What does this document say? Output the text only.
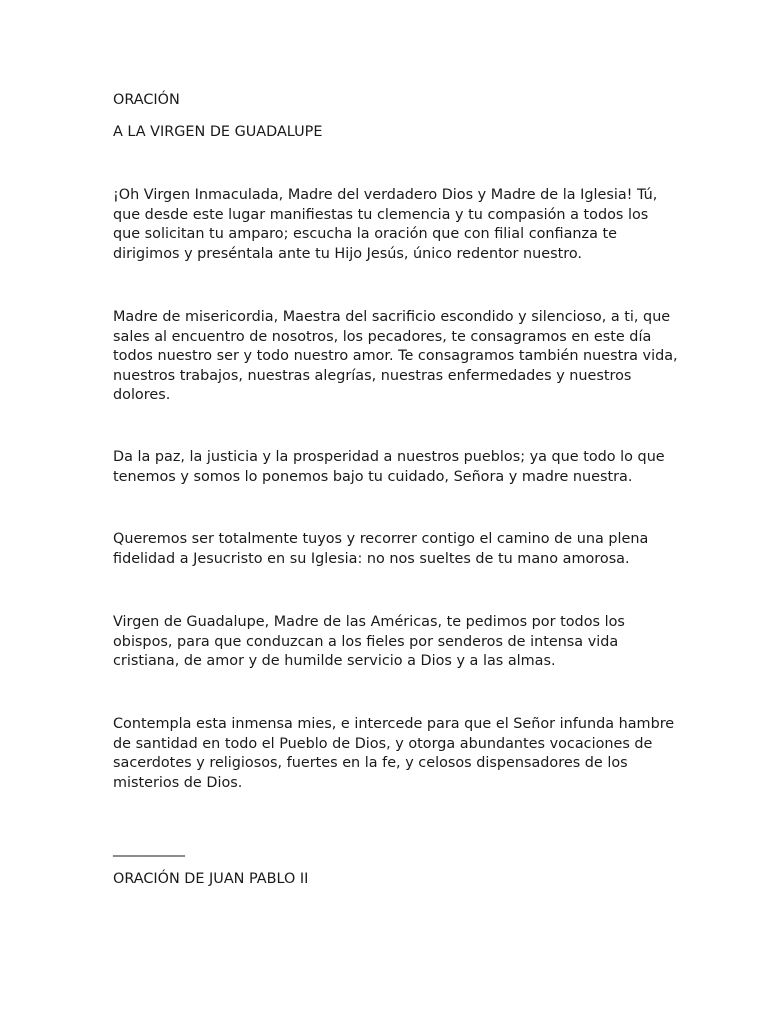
ORACIÓN

A LA VIRGEN DE GUADALUPE

¡Oh Virgen Inmaculada, Madre del verdadero Dios y Madre de la Iglesia! Tú,
que desde este lugar manifiestas tu clemencia y tu compasión a todos los
que solicitan tu amparo; escucha la oración que con filial confianza te
dirigimos y preséntala ante tu Hijo Jesús, único redentor nuestro.
Madre de misericordia, Maestra del sacrificio escondido y silencioso, a ti, que
sales al encuentro de nosotros, los pecadores, te consagramos en este día
todos nuestro ser y todo nuestro amor. Te consagramos también nuestra vida,
nuestros trabajos, nuestras alegrías, nuestras enfermedades y nuestros
dolores.
Da la paz, la justicia y la prosperidad a nuestros pueblos; ya que todo lo que
tenemos y somos lo ponemos bajo tu cuidado, Señora y madre nuestra.
Queremos ser totalmente tuyos y recorrer contigo el camino de una plena
fidelidad a Jesucristo en su Iglesia: no nos sueltes de tu mano amorosa.
Virgen de Guadalupe, Madre de las Américas, te pedimos por todos los
obispos, para que conduzcan a los fieles por senderos de intensa vida
cristiana, de amor y de humilde servicio a Dios y a las almas.
Contempla esta inmensa mies, e intercede para que el Señor infunda hambre
de santidad en todo el Pueblo de Dios, y otorga abundantes vocaciones de
sacerdotes y religiosos, fuertes en la fe, y celosos dispensadores de los
misterios de Dios.

__________

ORACIÓN DE JUAN PABLO II
